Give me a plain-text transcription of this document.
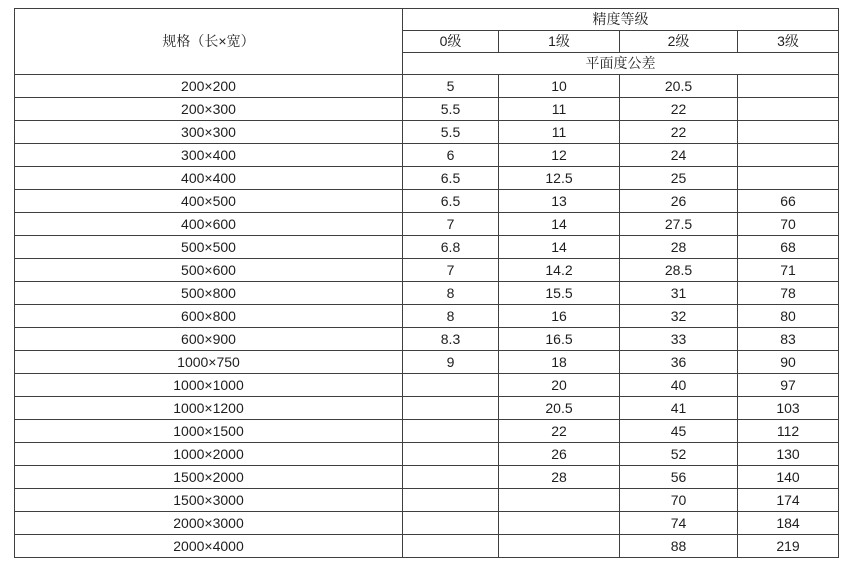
规格（长×宽）	精度等级			
	0级	1级	2级	3级
	平面度公差			
200×200	5	10	20.5	
200×300	5.5	11	22	
300×300	5.5	11	22	
300×400	6	12	24	
400×400	6.5	12.5	25	
400×500	6.5	13	26	66
400×600	7	14	27.5	70
500×500	6.8	14	28	68
500×600	7	14.2	28.5	71
500×800	8	15.5	31	78
600×800	8	16	32	80
600×900	8.3	16.5	33	83
1000×750	9	18	36	90
1000×1000		20	40	97
1000×1200		20.5	41	103
1000×1500		22	45	112
1000×2000		26	52	130
1500×2000		28	56	140
1500×3000			70	174
2000×3000			74	184
2000×4000			88	219
